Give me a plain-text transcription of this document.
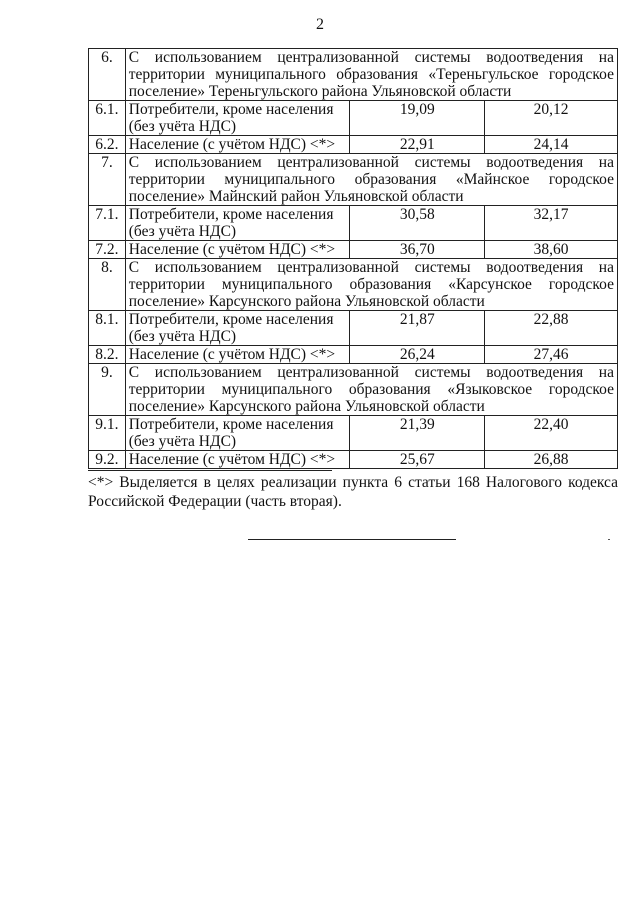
2
6.	С использованием централизованной системы водоотведения на территории муниципального образования «Тереньгульское городское поселение» Тереньгульского района Ульяновской области		
6.1.	Потребители, кроме населения (без учёта НДС)	19,09	20,12
6.2.	Население (с учётом НДС) <*>	22,91	24,14
7.	С использованием централизованной системы водоотведения на территории муниципального образования «Майнское городское поселение» Майнский район Ульяновской области		
7.1.	Потребители, кроме населения (без учёта НДС)	30,58	32,17
7.2.	Население (с учётом НДС) <*>	36,70	38,60
8.	С использованием централизованной системы водоотведения на территории муниципального образования «Карсунское городское поселение» Карсунского района Ульяновской области		
8.1.	Потребители, кроме населения (без учёта НДС)	21,87	22,88
8.2.	Население (с учётом НДС) <*>	26,24	27,46
9.	С использованием централизованной системы водоотведения на территории муниципального образования «Языковское городское поселение» Карсунского района Ульяновской области		
9.1.	Потребители, кроме населения (без учёта НДС)	21,39	22,40
9.2.	Население (с учётом НДС) <*>	25,67	26,88
<*> Выделяется в целях реализации пункта 6 статьи 168 Налогового кодекса Российской Федерации (часть вторая).
